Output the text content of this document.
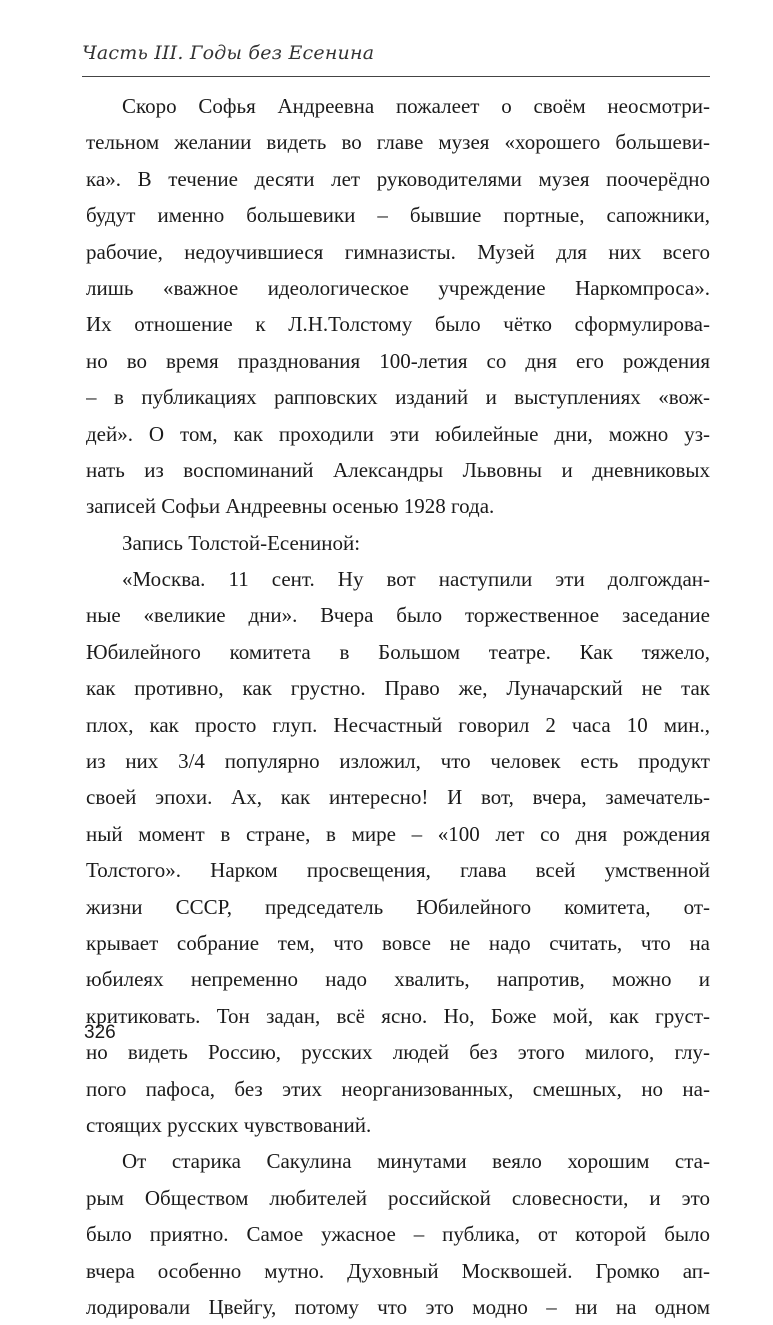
Часть III. Годы без Есенина
Скоро Софья Андреевна пожалеет о своём неосмотри-
тельном желании видеть во главе музея «хорошего большеви-
ка». В течение десяти лет руководителями музея поочерёдно
будут именно большевики – бывшие портные, сапожники,
рабочие, недоучившиеся гимназисты. Музей для них всего
лишь «важное идеологическое учреждение Наркомпроса».
Их отношение к Л.Н.Толстому было чётко сформулирова-
но во время празднования 100-летия со дня его рождения
– в публикациях рапповских изданий и выступлениях «вож-
дей». О том, как проходили эти юбилейные дни, можно уз-
нать из воспоминаний Александры Львовны и дневниковых
записей Софьи Андреевны осенью 1928 года.
Запись Толстой-Есениной:
«Москва. 11 сент. Ну вот наступили эти долгождан-
ные «великие дни». Вчера было торжественное заседание
Юбилейного комитета в Большом театре. Как тяжело,
как противно, как грустно. Право же, Луначарский не так
плох, как просто глуп. Несчастный говорил 2 часа 10 мин.,
из них 3/4 популярно изложил, что человек есть продукт
своей эпохи. Ах, как интересно! И вот, вчера, замечатель-
ный момент в стране, в мире – «100 лет со дня рождения
Толстого». Нарком просвещения, глава всей умственной
жизни СССР, председатель Юбилейного комитета, от-
крывает собрание тем, что вовсе не надо считать, что на
юбилеях непременно надо хвалить, напротив, можно и
критиковать. Тон задан, всё ясно. Но, Боже мой, как груст-
но видеть Россию, русских людей без этого милого, глу-
пого пафоса, без этих неорганизованных, смешных, но на-
стоящих русских чувствований.
От старика Сакулина минутами веяло хорошим ста-
рым Обществом любителей российской словесности, и это
было приятно. Самое ужасное – публика, от которой было
вчера особенно мутно. Духовный Москвошей. Громко ап-
лодировали Цвейгу, потому что это модно – ни на одном
326
